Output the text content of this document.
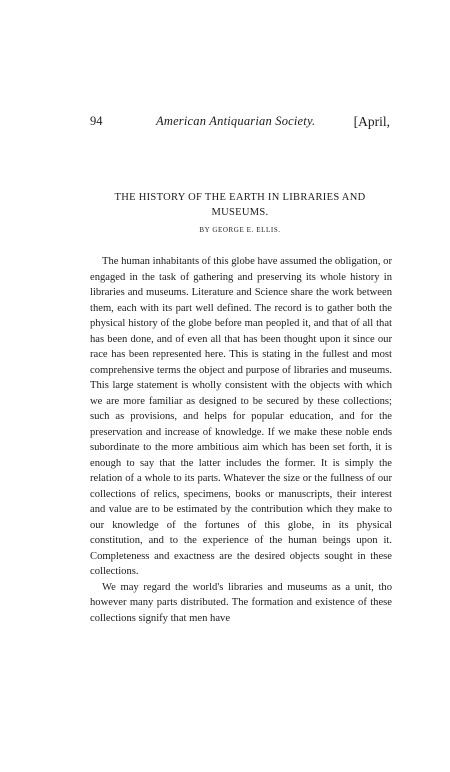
94	American Antiquarian Society.	[April,
THE HISTORY OF THE EARTH IN LIBRARIES AND MUSEUMS.
BY GEORGE E. ELLIS.

The human inhabitants of this globe have assumed the obligation, or engaged in the task of gathering and preserving its whole history in libraries and museums. Literature and Science share the work between them, each with its part well defined. The record is to gather both the physical history of the globe before man peopled it, and that of all that has been done, and of even all that has been thought upon it since our race has been represented here. This is stating in the fullest and most comprehensive terms the object and purpose of libraries and museums. This large statement is wholly consistent with the objects with which we are more familiar as designed to be secured by these collections; such as provisions, and helps for popular education, and for the preservation and increase of knowledge. If we make these noble ends subordinate to the more ambitious aim which has been set forth, it is enough to say that the latter includes the former. It is simply the relation of a whole to its parts. Whatever the size or the fullness of our collections of relics, specimens, books or manuscripts, their interest and value are to be estimated by the contribution which they make to our knowledge of the fortunes of this globe, in its physical constitution, and to the experience of the human beings upon it. Completeness and exactness are the desired objects sought in these collections.

We may regard the world's libraries and museums as a unit, tho however many parts distributed. The formation and existence of these collections signify that men have
